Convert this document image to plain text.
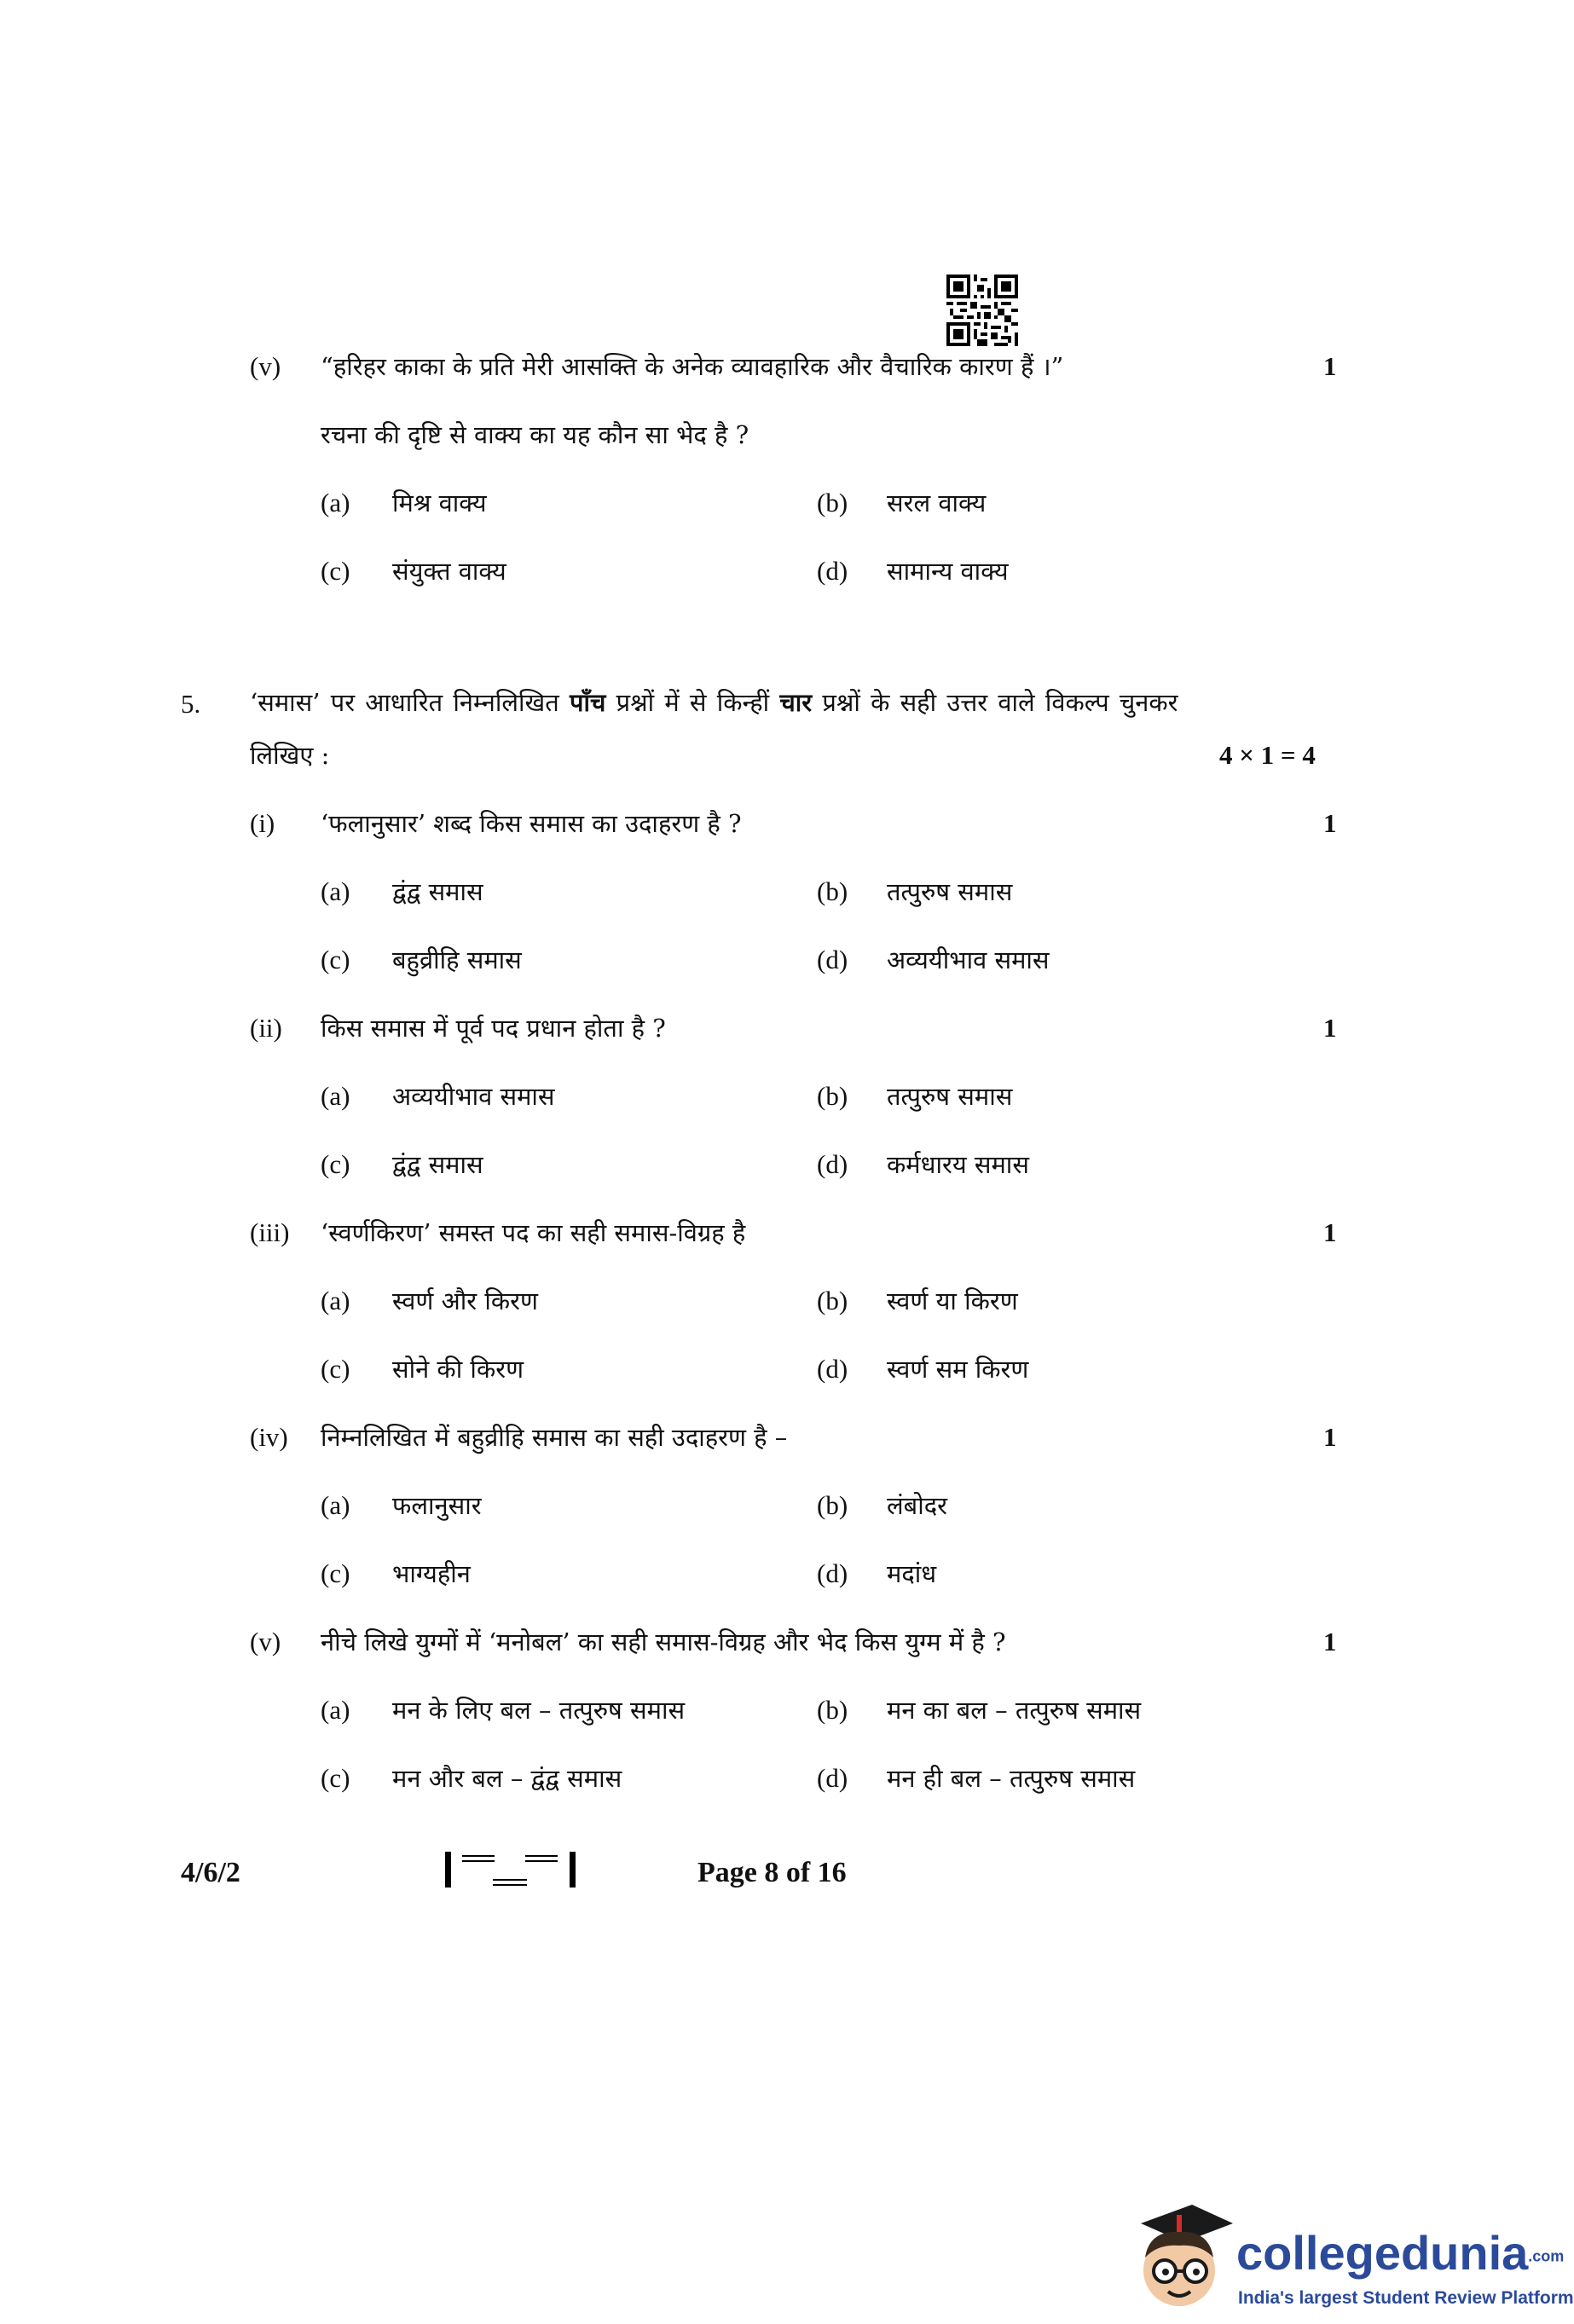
(v) “हरिहर काका के प्रति मेरी आसक्ति के अनेक व्यावहारिक और वैचारिक कारण हैं ।”	1
रचना की दृष्टि से वाक्य का यह कौन सा भेद है ?
(a) मिश्र वाक्य	(b) सरल वाक्य
(c) संयुक्त वाक्य	(d) सामान्य वाक्य
5. ‘समास’ पर आधारित निम्नलिखित पाँच प्रश्नों में से किन्हीं चार प्रश्नों के सही उत्तर वाले विकल्प चुनकर
लिखिए :	4 × 1 = 4
(i) ‘फलानुसार’ शब्द किस समास का उदाहरण है ?	1
(a) द्वंद्व समास	(b) तत्पुरुष समास
(c) बहुव्रीहि समास	(d) अव्ययीभाव समास
(ii) किस समास में पूर्व पद प्रधान होता है ?	1
(a) अव्ययीभाव समास	(b) तत्पुरुष समास
(c) द्वंद्व समास	(d) कर्मधारय समास
(iii) ‘स्वर्णकिरण’ समस्त पद का सही समास-विग्रह है	1
(a) स्वर्ण और किरण	(b) स्वर्ण या किरण
(c) सोने की किरण	(d) स्वर्ण सम किरण
(iv) निम्नलिखित में बहुव्रीहि समास का सही उदाहरण है –	1
(a) फलानुसार	(b) लंबोदर
(c) भाग्यहीन	(d) मदांध
(v) नीचे लिखे युग्मों में ‘मनोबल’ का सही समास-विग्रह और भेद किस युग्म में है ?	1
(a) मन के लिए बल – तत्पुरुष समास	(b) मन का बल – तत्पुरुष समास
(c) मन और बल – द्वंद्व समास	(d) मन ही बल – तत्पुरुष समास
4/6/2	Page 8 of 16
collegedunia.com
India's largest Student Review Platform
